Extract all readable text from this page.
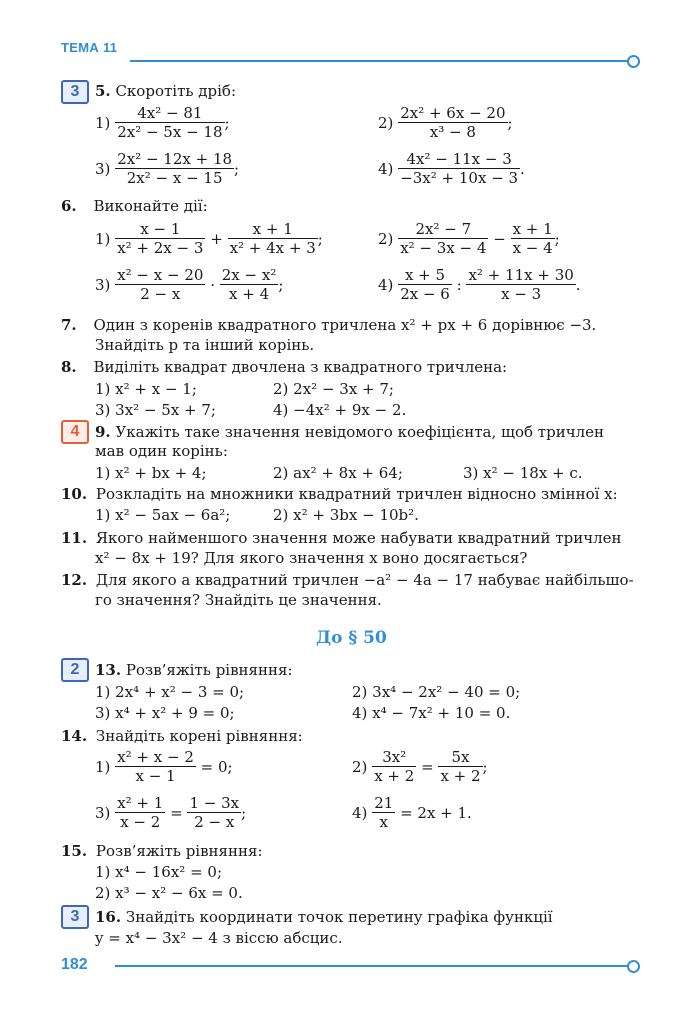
ТЕМА 11
3	5. Скоротіть дріб:
$1) \frac{\text{4x² − 81}}{\text{2x² − 5x − 18}}$ ;	$2) \frac{\text{2x² + 6x − 20}}{\text{x³ − 8}}$ ;
$3) \frac{\text{2x² − 12x + 18}}{\text{2x² − x − 15}}$ ;	$4) \frac{\text{4x² − 11x − 3}}{\text{−3x² + 10x − 3}}$ .
6. Виконайте дії:
$1) \frac{x - 1}{\text{x² + 2x − 3}} + \frac{x + 1}{\text{x² + 4x + 3}}$ ;	$2) \frac{\text{2x² − 7}}{\text{x² − 3x − 4}} - \frac{x + 1}{x - 4}$ ;
$3) \frac{\text{x² − x − 20}}{2 - x} \cdot \frac{\text{2x − x²}}{x + 4}$ ;	$4) \frac{x + 5}{2x - 6}$ : $\frac{\text{x² + 11x + 30}}{x - 3}$ .
7. Один з коренів квадратного тричлена x² + px + 6 дорівнює −3.
Знайдіть p та інший корінь.
8. Виділіть квадрат двочлена з квадратного тричлена:
1) x² + x − 1;	2) 2x² − 3x + 7;
3) 3x² − 5x + 7;	4) −4x² + 9x − 2.
4	9. Укажіть таке значення невідомого коефіцієнта, щоб тричлен
мав один корінь:
1) x² + bx + 4;	2) ax² + 8x + 64;	3) x² − 18x + c.
10. Розкладіть на множники квадратний тричлен відносно змінної x:
1) x² − 5ax − 6a²;	2) x² + 3bx − 10b².
11. Якого найменшого значення може набувати квадратний тричлен
x² − 8x + 19? Для якого значення x воно досягається?
12. Для якого a квадратний тричлен −a² − 4a − 17 набуває найбільшо-
го значення? Знайдіть це значення.
До § 50
2	13. Розв’яжіть рівняння:
1) 2x⁴ + x² − 3 = 0;	2) 3x⁴ − 2x² − 40 = 0;
3) x⁴ + x² + 9 = 0;	4) x⁴ − 7x² + 10 = 0.
14. Знайдіть корені рівняння:
$1) \frac{\text{x² + x − 2}}{x - 1} = 0$;	$2) \frac{\text{3x²}}{x + 2} = \frac{5x}{x + 2}$ ;
$3) \frac{\text{x² + 1}}{x - 2} = \frac{1 - 3x}{2 - x}$ ;	$4) \frac{21}{x} = 2x + 1$.
15. Розв’яжіть рівняння:
1) x⁴ − 16x² = 0;
2) x³ − x² − 6x = 0.
3	16. Знайдіть координати точок перетину графіка функції
y = x⁴ − 3x² − 4 з віссю абсцис.
182
